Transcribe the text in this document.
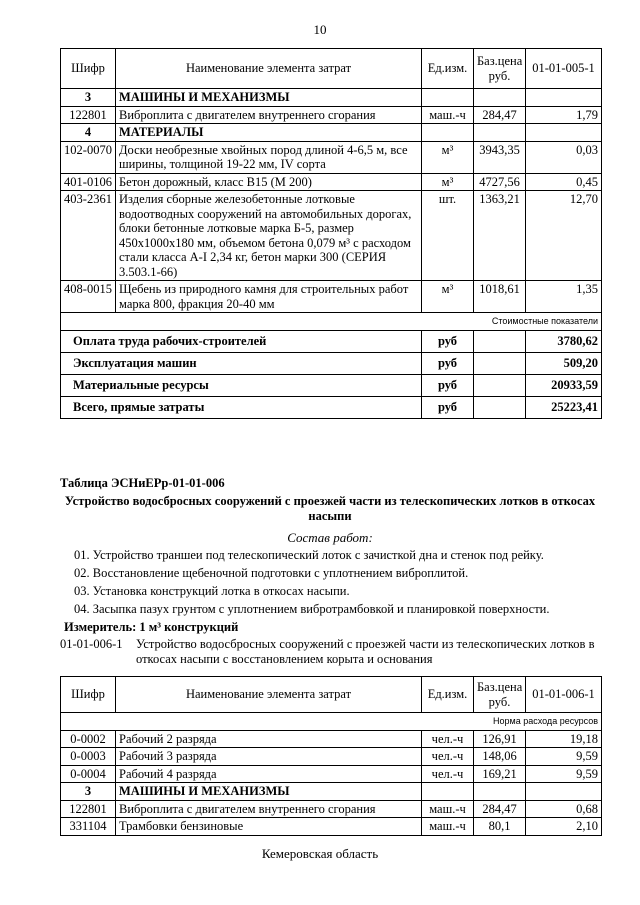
10
Шифр	Наименование элемента затрат	Ед.изм.	Баз.цена руб.	01-01-005-1
3	МАШИНЫ И МЕХАНИЗМЫ			
122801	Виброплита с двигателем внутреннего сгорания	маш.-ч	284,47	1,79
4	МАТЕРИАЛЫ			
102-0070	Доски необрезные хвойных пород длиной 4-6,5 м, все ширины, толщиной 19-22 мм, IV сорта	м³	3943,35	0,03
401-0106	Бетон дорожный, класс B15 (M 200)	м³	4727,56	0,45
403-2361	Изделия сборные железобетонные лотковые водоотводных сооружений на автомобильных дорогах, блоки бетонные лотковые марка Б-5, размер 450х1000х180 мм, объемом бетона 0,079 м³ с расходом стали класса A-I 2,34 кг, бетон марки 300 (СЕРИЯ 3.503.1-66)	шт.	1363,21	12,70
408-0015	Щебень из природного камня для строительных работ марка 800, фракция 20-40 мм	м³	1018,61	1,35
Стоимостные показатели				
Оплата труда рабочих-строителей		руб		3780,62
Эксплуатация машин		руб		509,20
Материальные ресурсы		руб		20933,59
Всего, прямые затраты		руб		25223,41
Таблица ЭСНиЕРр-01-01-006
Устройство водосбросных сооружений с проезжей части из телескопических лотков в откосах насыпи
Состав работ:
01. Устройство траншеи под телескопический лоток с зачисткой дна и стенок под рейку.
02. Восстановление щебеночной подготовки с уплотнением виброплитой.
03. Установка конструкций лотка в откосах насыпи.
04. Засыпка пазух грунтом с уплотнением вибротрамбовкой и планировкой поверхности.
Измеритель: 1 м³ конструкций
01-01-006-1 Устройство водосбросных сооружений с проезжей части из телескопических лотков в откосах насыпи с восстановлением корыта и основания
Шифр	Наименование элемента затрат	Ед.изм.	Баз.цена руб.	01-01-006-1
Норма расхода ресурсов				
0-0002	Рабочий 2 разряда	чел.-ч	126,91	19,18
0-0003	Рабочий 3 разряда	чел.-ч	148,06	9,59
0-0004	Рабочий 4 разряда	чел.-ч	169,21	9,59
3	МАШИНЫ И МЕХАНИЗМЫ			
122801	Виброплита с двигателем внутреннего сгорания	маш.-ч	284,47	0,68
331104	Трамбовки бензиновые	маш.-ч	80,1	2,10
Кемеровская область
